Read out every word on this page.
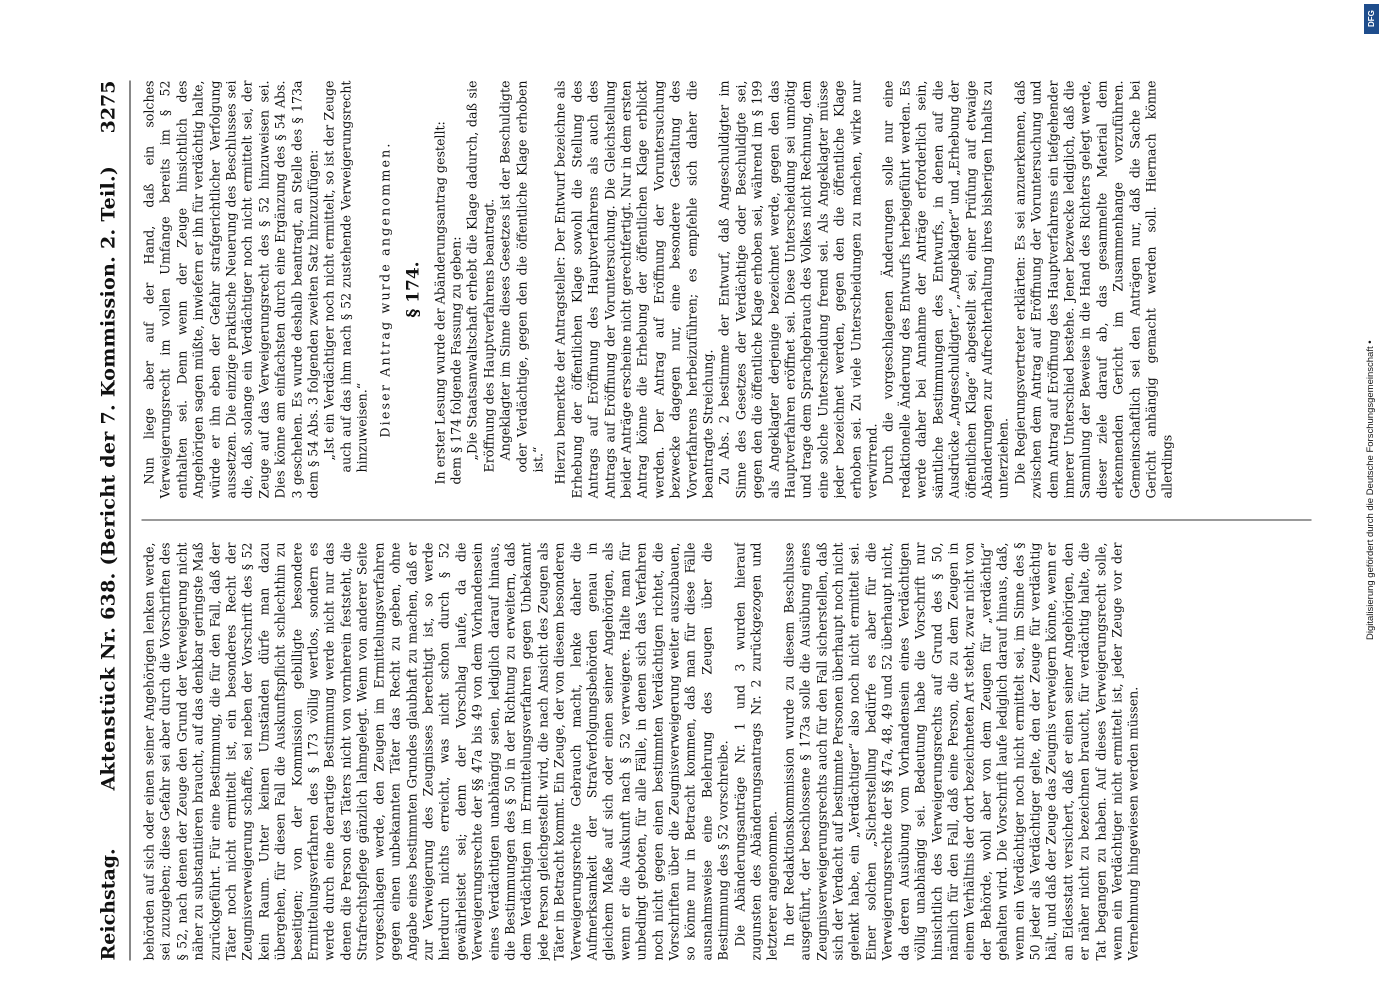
Reichstag.
Aktenstück Nr. 638. (Bericht der 7. Kommission. 2. Teil.)
3275

behörden auf sich oder einen seiner Angehörigen lenken werde, sei zuzugeben; diese Gefahr sei aber durch die Vorschriften des § 52, nach denen der Zeuge den Grund der Verweigerung nicht näher zu substantiieren braucht, auf das denkbar geringste Maß zurückgeführt. Für eine Bestimmung, die für den Fall, daß der Täter noch nicht ermittelt ist, ein besonderes Recht der Zeugnisverweigerung schaffe, sei neben der Vorschrift des § 52 kein Raum. Unter keinen Umständen dürfe man dazu übergehen, für diesen Fall die Auskunftspflicht schlechthin zu beseitigen; von der Kommission gebilligte besondere Ermittelungsverfahren des § 173 völlig wertlos, sondern es werde durch eine derartige Bestimmung werde nicht nur das denen die Person des Täters nicht von vornherein feststeht, die Strafrechtspflege gänzlich lahmgelegt. Wenn von anderer Seite vorgeschlagen werde, den Zeugen im Ermittelungsverfahren gegen einen unbekannten Täter das Recht zu geben, ohne Angabe eines bestimmten Grundes glaubhaft zu machen, daß er zur Verweigerung des Zeugnisses berechtigt ist, so werde hierdurch nichts erreicht, was nicht schon durch § 52 gewährleistet sei; denn der Vorschlag laufe, da die Verweigerungsrechte der §§ 47a bis 49 von dem Vorhandensein eines Verdächtigen unabhängig seien, lediglich darauf hinaus, die Bestimmungen des § 50 in der Richtung zu erweitern, daß dem Verdächtigen im Ermittelungsverfahren gegen Unbekannt jede Person gleichgestellt wird, die nach Ansicht des Zeugen als Täter in Betracht kommt. Ein Zeuge, der von diesem besonderen Verweigerungsrechte Gebrauch macht, lenke daher die Aufmerksamkeit der Strafverfolgungsbehörden genau in gleichem Maße auf sich oder einen seiner Angehörigen, als wenn er die Auskunft nach § 52 verweigere. Halte man für unbedingt geboten, für alle Fälle, in denen sich das Verfahren noch nicht gegen einen bestimmten Verdächtigen richtet, die Vorschriften über die Zeugnisverweigerung weiter auszubauen, so könne nur in Betracht kommen, daß man für diese Fälle ausnahmsweise eine Belehrung des Zeugen über die Bestimmung des § 52 vorschreibe. Die Abänderungsanträge Nr. 1 und 3 wurden hierauf zugunsten des Abänderungsantrags Nr. 2 zurückgezogen und letzterer angenommen. In der Redaktionskommission wurde zu diesem Beschlusse ausgeführt, der beschlossene § 173a solle die Ausübung eines Zeugnisverweigerungsrechts auch für den Fall sicherstellen, daß sich der Verdacht auf bestimmte Personen überhaupt noch nicht gelenkt habe, ein „Verdächtiger“ also noch nicht ermittelt sei. Einer solchen „Sicherstellung bedürfe es aber für die Verweigerungsrechte der §§ 47a, 48, 49 und 52 überhaupt nicht, da deren Ausübung vom Vorhandensein eines Verdächtigen völlig unabhängig sei. Bedeutung habe die Vorschrift nur hinsichtlich des Verweigerungsrechts auf Grund des § 50, nämlich für den Fall, daß eine Person, die zu dem Zeugen in einem Verhältnis der dort bezeichneten Art steht, zwar nicht von der Behörde, wohl aber von dem Zeugen für „verdächtig“ gehalten wird. Die Vorschrift laufe lediglich darauf hinaus, daß, wenn ein Verdächtiger noch nicht ermittelt sei, im Sinne des § 50 jeder als Verdächtiger gelte, den der Zeuge für verdächtig hält, und daß der Zeuge das Zeugnis verweigern könne, wenn er an Eidesstatt versichert, daß er einen seiner Angehörigen, den er näher nicht zu bezeichnen braucht, für verdächtig halte, die Tat begangen zu haben. Auf dieses Verweigerungsrecht solle, wenn ein Verdächtiger nicht ermittelt ist, jeder Zeuge vor der Vernehmung hingewiesen werden müssen.

Nun liege aber auf der Hand, daß ein solches Verweigerungsrecht im vollen Umfange bereits im § 52 enthalten sei. Denn wenn der Zeuge hinsichtlich des Angehörigen sagen müßte, inwiefern er ihn für verdächtig halte, würde er ihn eben der Gefahr strafgerichtlicher Verfolgung aussetzen. Die einzige praktische Neuerung des Beschlusses sei die, daß, solange ein Verdächtiger noch nicht ermittelt sei, der Zeuge auf das Verweigerungsrecht des § 52 hinzuweisen sei. Dies könne am einfachsten durch eine Ergänzung des § 54 Abs. 3 geschehen. Es wurde deshalb beantragt, an Stelle des § 173a dem § 54 Abs. 3 folgenden zweiten Satz hinzuzufügen: „Ist ein Verdächtiger noch nicht ermittelt, so ist der Zeuge auch auf das ihm nach § 52 zustehende Verweigerungsrecht hinzuweisen.“ Dieser Antrag wurde angenommen. § 174. In erster Lesung wurde der Abänderungsantrag gestellt: dem § 174 folgende Fassung zu geben: „Die Staatsanwaltschaft erhebt die Klage dadurch, daß sie Eröffnung des Hauptverfahrens beantragt. Angeklagter im Sinne dieses Gesetzes ist der Beschuldigte oder Verdächtige, gegen den die öffentliche Klage erhoben ist.“ Hierzu bemerkte der Antragsteller: Der Entwurf bezeichne als Erhebung der öffentlichen Klage sowohl die Stellung des Antrags auf Eröffnung des Hauptverfahrens als auch des Antrags auf Eröffnung der Voruntersuchung. Die Gleichstellung beider Anträge erscheine nicht gerechtfertigt. Nur in dem ersten Antrag könne die Erhebung der öffentlichen Klage erblickt werden. Der Antrag auf Eröffnung der Voruntersuchung bezwecke dagegen nur, eine besondere Gestaltung des Vorverfahrens herbeizuführen; es empfehle sich daher die beantragte Streichung. Zu Abs. 2 bestimme der Entwurf, daß Angeschuldigter im Sinne des Gesetzes der Verdächtige oder Beschuldigte sei, gegen den die öffentliche Klage erhoben sei, während im § 199 als Angeklagter derjenige bezeichnet werde, gegen den das Hauptverfahren eröffnet sei. Diese Unterscheidung sei unnötig und trage dem Sprachgebrauch des Volkes nicht Rechnung, dem eine solche Unterscheidung fremd sei. Als Angeklagter müsse jeder bezeichnet werden, gegen den die öffentliche Klage erhoben sei. Zu viele Unterscheidungen zu machen, wirke nur verwirrend. Durch die vorgeschlagenen Änderungen solle nur eine redaktionelle Änderung des Entwurfs herbeigeführt werden. Es werde daher bei Annahme der Anträge erforderlich sein, sämtliche Bestimmungen des Entwurfs, in denen auf die Ausdrücke „Angeschuldigter“, „Angeklagter“ und „Erhebung der öffentlichen Klage“ abgestellt sei, einer Prüfung auf etwaige Abänderungen zur Aufrechterhaltung ihres bisherigen Inhalts zu unterziehen. Die Regierungsvertreter erklärten: Es sei anzuerkennen, daß zwischen dem Antrag auf Eröffnung der Voruntersuchung und dem Antrag auf Eröffnung des Hauptverfahrens ein tiefgehender innerer Unterschied bestehe. Jener bezwecke lediglich, daß die Sammlung der Beweise in die Hand des Richters gelegt werde, dieser ziele darauf ab, das gesammelte Material dem erkennenden Gericht im Zusammenhange vorzuführen. Gemeinschaftlich sei den Anträgen nur, daß die Sache bei Gericht anhängig gemacht werden soll. Hiernach könne allerdings

DFG
Digitalisierung gefördert durch die Deutsche Forschungsgemeinschaft •
